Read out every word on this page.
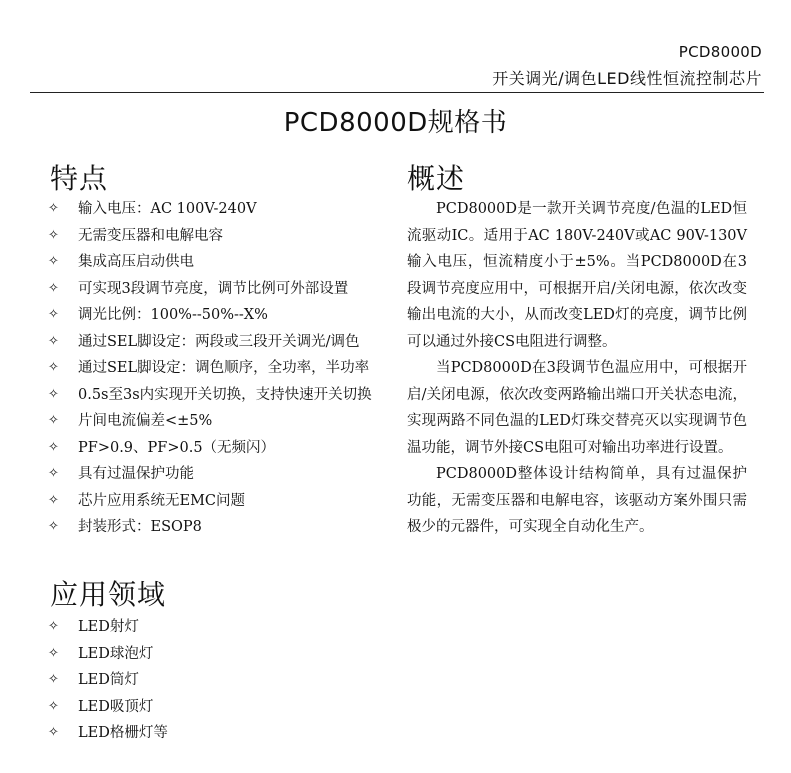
PCD8000D
开关调光/调色LED线性恒流控制芯片
PCD8000D规格书
特点
✧	输入电压：AC 100V-240V
✧	无需变压器和电解电容
✧	集成高压启动供电
✧	可实现3段调节亮度，调节比例可外部设置
✧	调光比例：100%--50%--X%
✧	通过SEL脚设定：两段或三段开关调光/调色
✧	通过SEL脚设定：调色顺序，全功率，半功率
✧	0.5s至3s内实现开关切换，支持快速开关切换
✧	片间电流偏差<±5%
✧	PF>0.9、PF>0.5（无频闪）
✧	具有过温保护功能
✧	芯片应用系统无EMC问题
✧	封装形式：ESOP8
应用领域
✧	LED射灯
✧	LED球泡灯
✧	LED筒灯
✧	LED吸顶灯
✧	LED格栅灯等
概述

PCD8000D是一款开关调节亮度/色温的LED恒流驱动IC。适用于AC 180V-240V或AC 90V-130V输入电压，恒流精度小于±5%。当PCD8000D在3段调节亮度应用中，可根据开启/关闭电源，依次改变输出电流的大小，从而改变LED灯的亮度，调节比例可以通过外接CS电阻进行调整。

当PCD8000D在3段调节色温应用中，可根据开启/关闭电源，依次改变两路输出端口开关状态电流，实现两路不同色温的LED灯珠交替亮灭以实现调节色温功能，调节外接CS电阻可对输出功率进行设置。

PCD8000D整体设计结构简单，具有过温保护功能，无需变压器和电解电容，该驱动方案外围只需极少的元器件，可实现全自动化生产。
